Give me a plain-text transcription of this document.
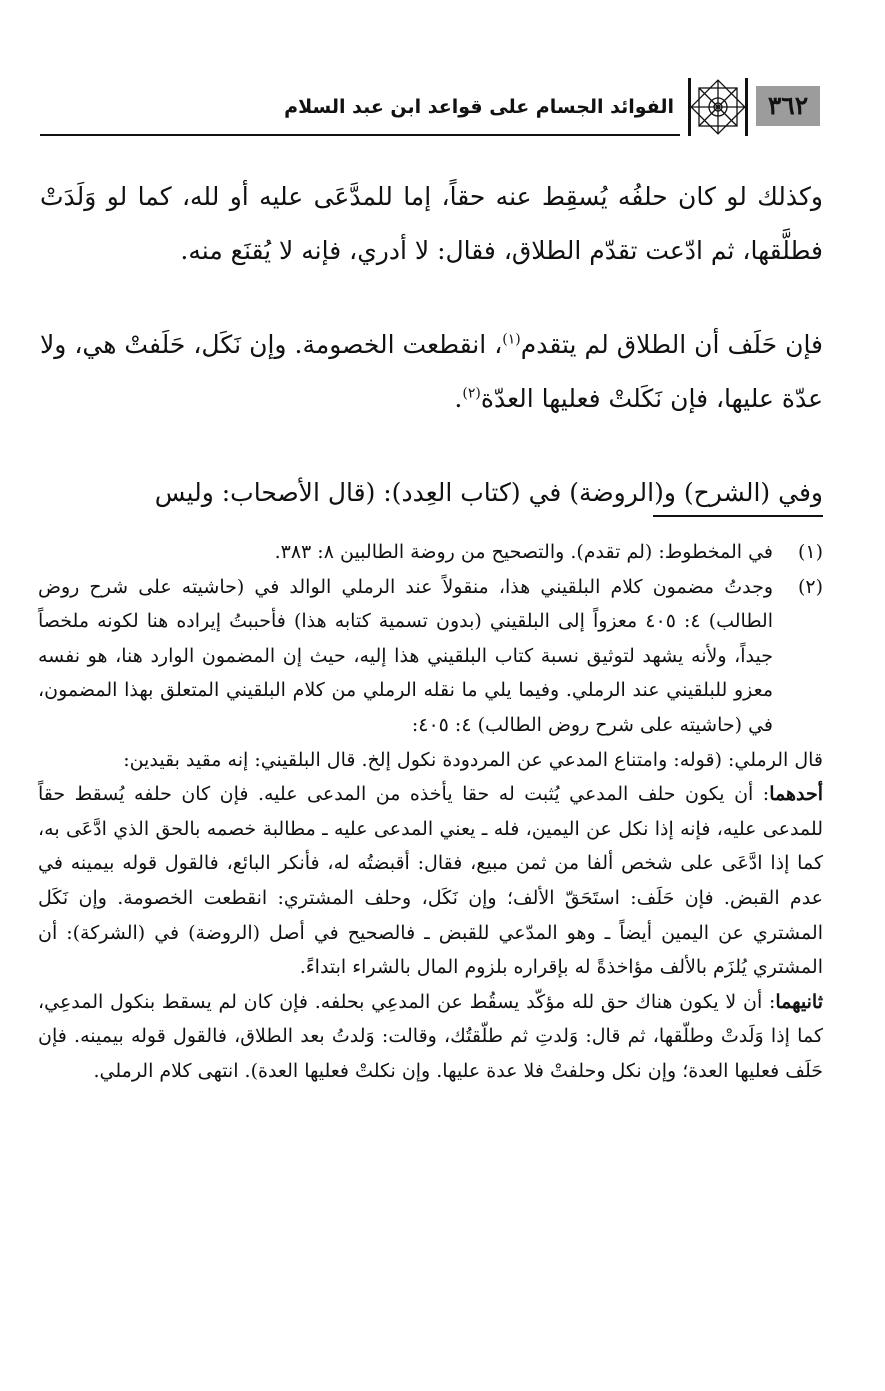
٣٦٢
الفوائد الجسام على قواعد ابن عبد السلام

وكذلك لو كان حلفُه يُسقِط عنه حقاً، إما للمدَّعَى عليه أو لله، كما لو وَلَدَتْ فطلَّقها، ثم ادّعت تقدّم الطلاق، فقال: لا أدري، فإنه لا يُقنَع منه.

فإن حَلَف أن الطلاق لم يتقدم$^{(١)}$، انقطعت الخصومة. وإن نَكَل، حَلَفتْ هي، ولا عدّة عليها، فإن نَكَلتْ فعليها العدّة$^{(٢)}$.

وفي (الشرح) و(الروضة) في (كتاب العِدد): (قال الأصحاب: وليس

(١)
في المخطوط: (لم تقدم). والتصحيح من روضة الطالبين ٨: ٣٨٣.
(٢)
وجدتُ مضمون كلام البلقيني هذا، منقولاً عند الرملي الوالد في (حاشيته على شرح روض الطالب) ٤: ٤٠٥ معزواً إلى البلقيني (بدون تسمية كتابه هذا) فأحببتُ إيراده هنا لكونه ملخصاً جيداً، ولأنه يشهد لتوثيق نسبة كتاب البلقيني هذا إليه، حيث إن المضمون الوارد هنا، هو نفسه معزو للبلقيني عند الرملي. وفيما يلي ما نقله الرملي من كلام البلقيني المتعلق بهذا المضمون، في (حاشيته على شرح روض الطالب) ٤: ٤٠٥:

قال الرملي: (قوله: وامتناع المدعي عن المردودة نكول إلخ. قال البلقيني: إنه مقيد بقيدين:

أحدهما: أن يكون حلف المدعي يُثبت له حقا يأخذه من المدعى عليه. فإن كان حلفه يُسقط حقاً للمدعى عليه، فإنه إذا نكل عن اليمين، فله ـ يعني المدعى عليه ـ مطالبة خصمه بالحق الذي ادَّعَى به، كما إذا ادَّعَى على شخص ألفا من ثمن مبيع، فقال: أقبضتُه له، فأنكر البائع، فالقول قوله بيمينه في عدم القبض. فإن حَلَف: استَحَقّ الألف؛ وإن نَكَل، وحلف المشتري: انقطعت الخصومة. وإن نَكَل المشتري عن اليمين أيضاً ـ وهو المدّعي للقبض ـ فالصحيح في أصل (الروضة) في (الشركة): أن المشتري يُلزَم بالألف مؤاخذةً له بإقراره بلزوم المال بالشراء ابتداءً.

ثانيهما: أن لا يكون هناك حق لله مؤكّد يسقُط عن المدعِي بحلفه. فإن كان لم يسقط بنكول المدعِي، كما إذا وَلَدتْ وطلّقها، ثم قال: وَلدتِ ثم طلّقتُك، وقالت: وَلدتُ بعد الطلاق، فالقول قوله بيمينه. فإن حَلَف فعليها العدة؛ وإن نكل وحلفتْ فلا عدة عليها. وإن نكلتْ فعليها العدة). انتهى كلام الرملي.
